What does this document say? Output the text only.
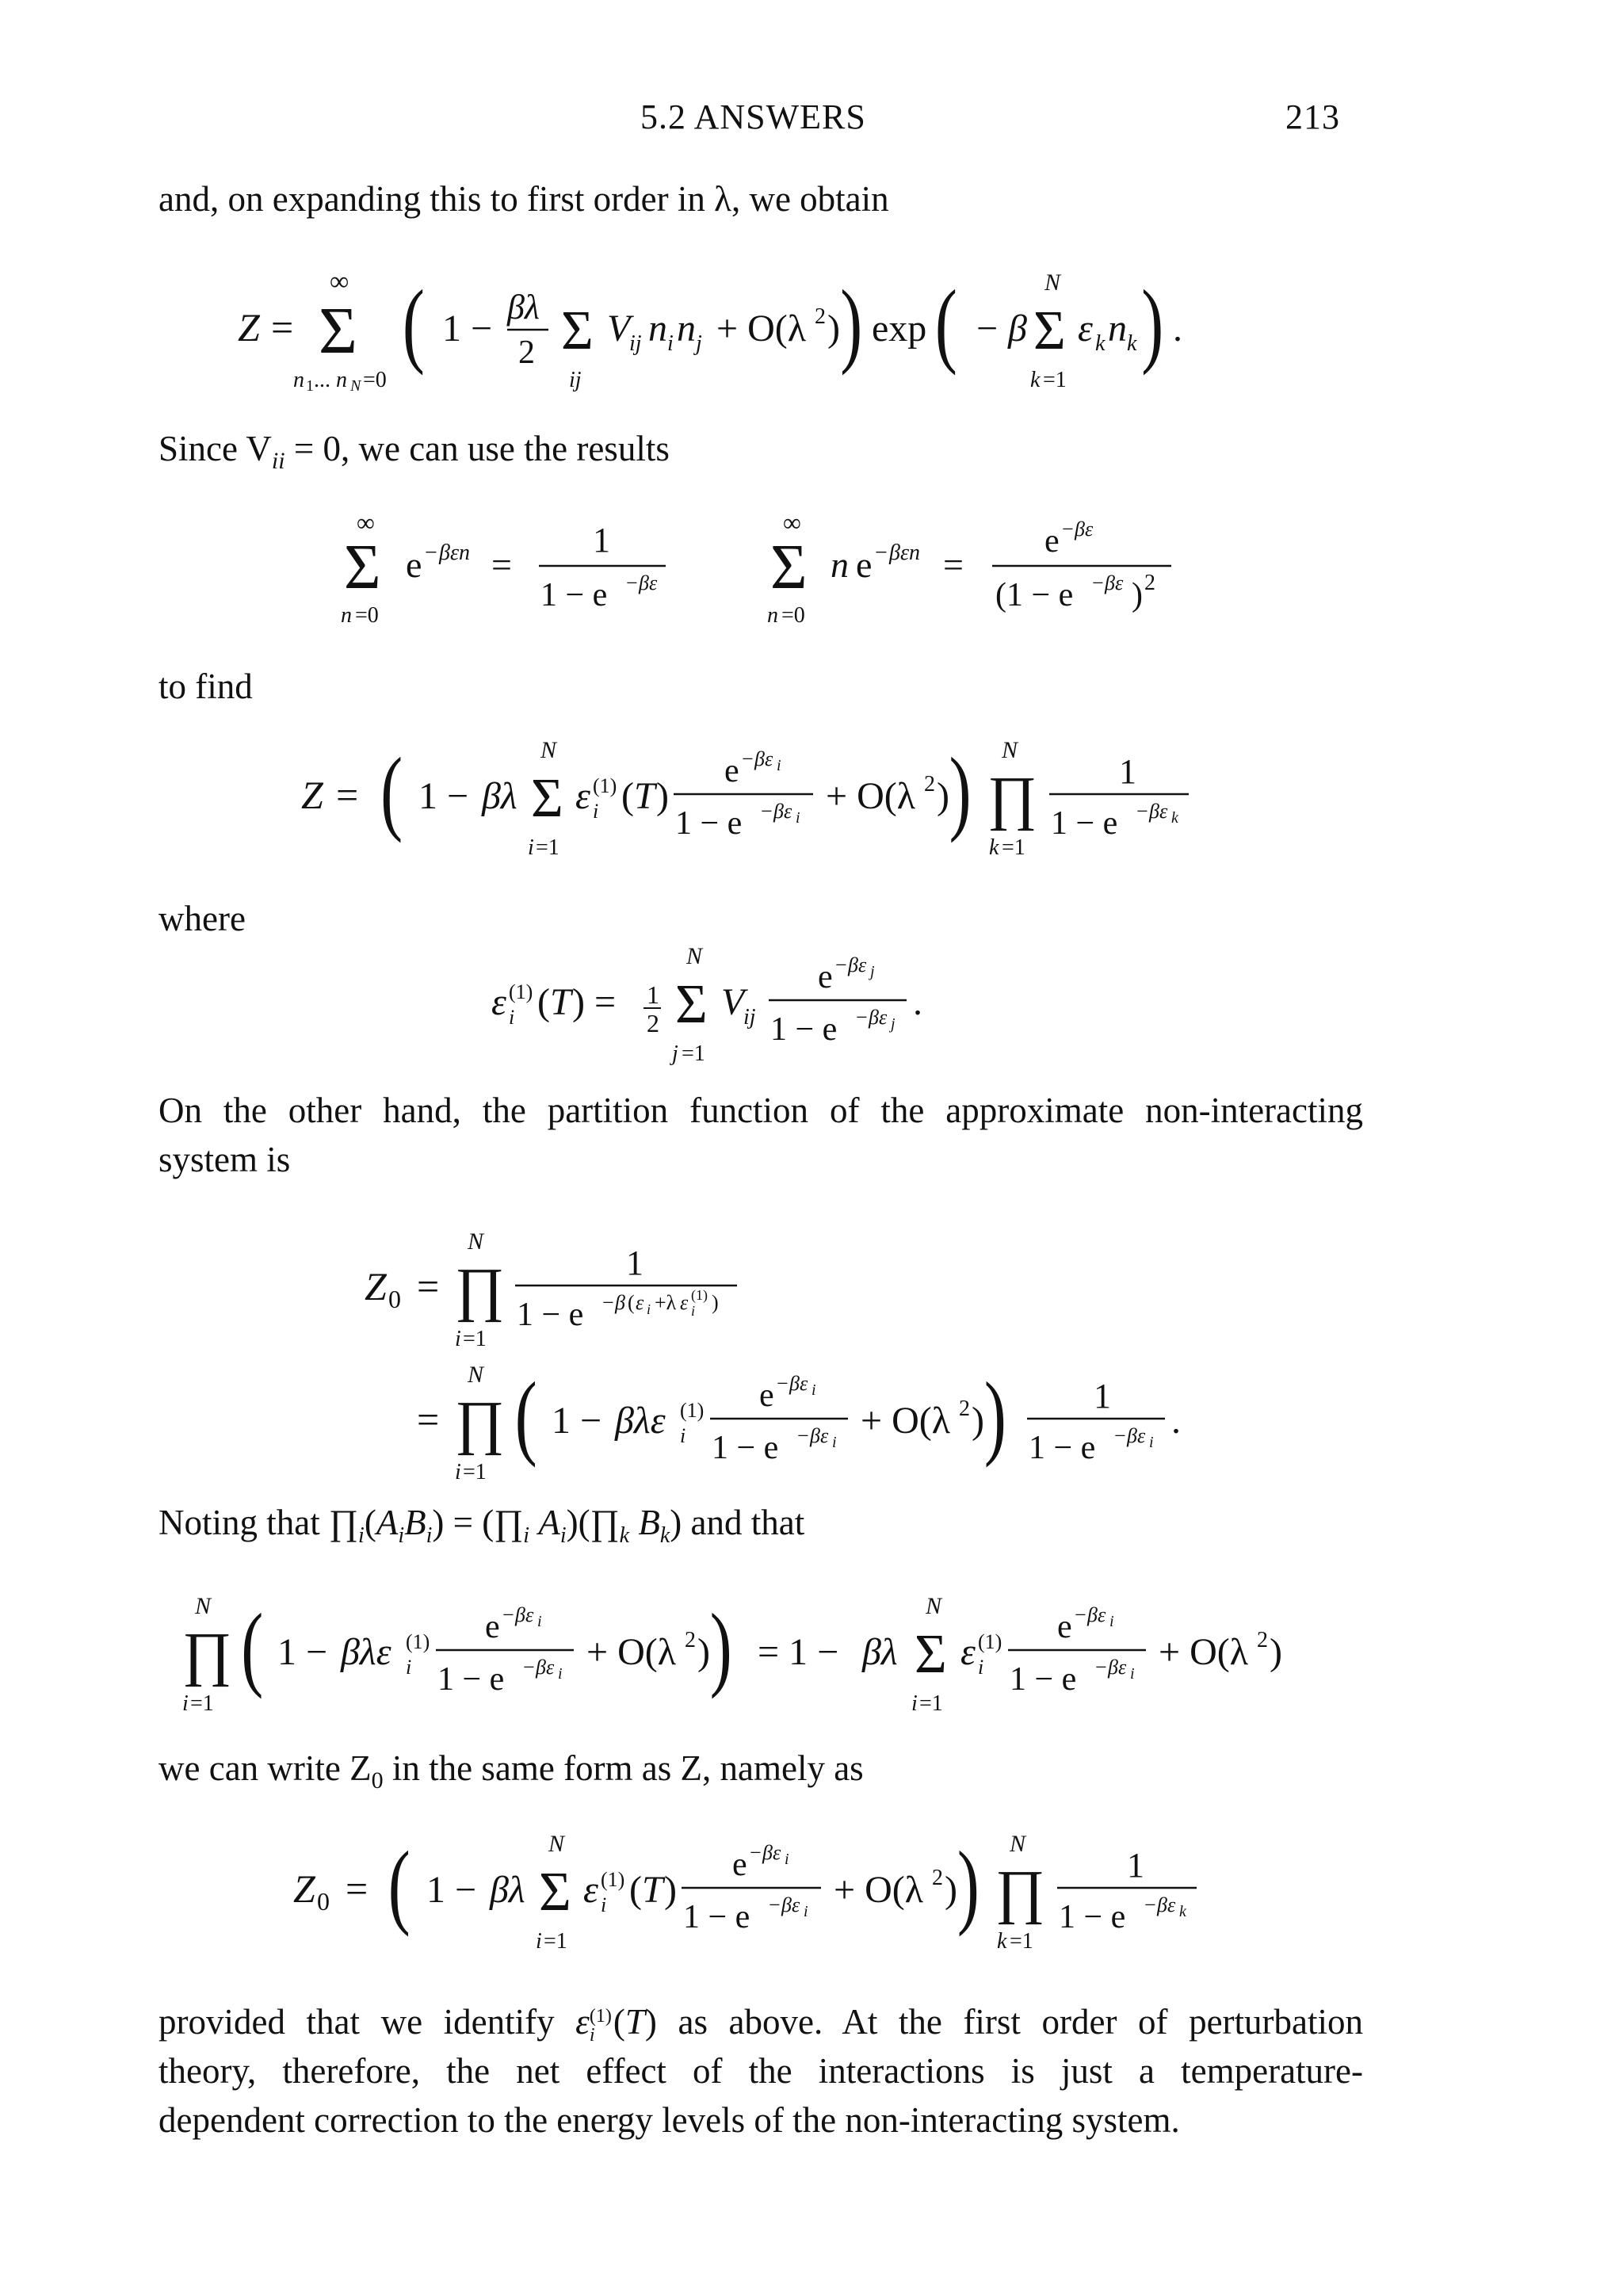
5.2 ANSWERS	213
and, on expanding this to first order in λ, we obtain
Z =
∞
Σ
n 1 ... n N =0
( 1 −
βλ
2 Σ
ij
V
ij n i n j + O(λ 2 ) ) exp ( − β
N
Σ
k =1
ε k n k ) .
Since $V_{ii} = 0$, we can use the results
∞
Σ
n =0
e − βεn =
1
1 − e − βε
∞
Σ
n =0
n e − βεn =
e − βε
(1 − e − βε ) 2
to find
Z = ( 1 − βλ
N
Σ
i =1
ε (1)
i ( T )
e − βε i
1 − e − βε i
+ O(λ 2 ) ) N
∏
k =1
1
1 − e − βε k
where
ε (1)
i ( T ) = 1
2
N
Σ
j =1
V
ij
e − βε j
1 − e − βε j
.
On the other hand, the partition function of the approximate non-interacting
system is
Z 0 =
N
∏
i =1
1
1 − e − β ( ε i +λ ε (1)
i )
=
N
∏
i =1
( 1 − βλε (1)
i
e − βε i
1 − e − βε i
+ O(λ 2 ) )	1
1 − e − βε i
.
Noting that $\prod_i(A_iB_i)$ = ($\prod_i$ $A_i)(\prod_k$ $B_k$) and that
N
∏
i =1
( 1 − βλε (1)
i
e − βε i
1 − e − βε i
+ O(λ 2 ) ) = 1 − βλ
N
Σ
i =1
ε (1)
i
e − βε i
1 − e − βε i
+ O(λ 2 )
we can write $Z_0$ in the same form as Z, namely as
Z 0 = ( 1 − βλ
N
Σ
i =1
ε (1)
i ( T )
e − βε i
1 − e − βε i
+ O(λ 2 ) ) N
∏
k =1
1
1 − e − βε k
provided that we identify ε (1)
i (T) as above. At the first order of perturbation
theory, therefore, the net effect of the interactions is just a temperature-
dependent correction to the energy levels of the non-interacting system.
